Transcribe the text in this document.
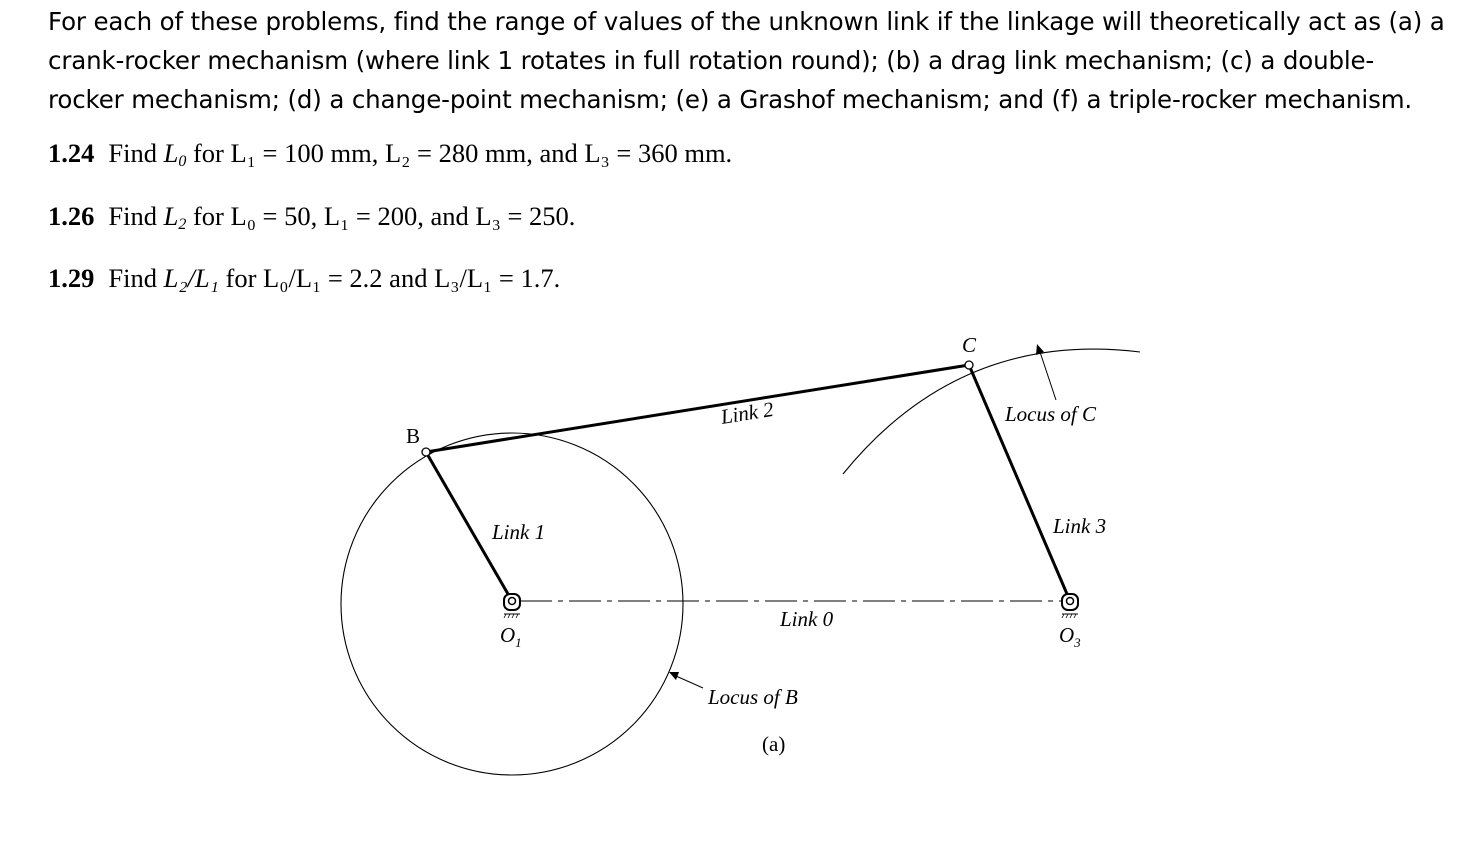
For each of these problems, find the range of values of the unknown link if the linkage will theoretically act as (a) a crank-rocker mechanism (where link 1 rotates in full rotation round); (b) a drag link mechanism; (c) a double-rocker mechanism; (d) a change-point mechanism; (e) a Grashof mechanism; and (f) a triple-rocker mechanism.

1.24 Find $L_0$ for L₁ = 100 mm, L₂ = 280 mm, and L₃ = 360 mm.
1.26 Find $L_2$ for L₀ = 50, L₁ = 200, and L₃ = 250.
1.29 Find L₂/L₁ for L₀/L₁ = 2.2 and L₃/L₁ = 1.7.
B
C
Link 1
Link 2
Link 3
Link 0
Locus of B
Locus of C
$O_1$	$O_3$
(a)
